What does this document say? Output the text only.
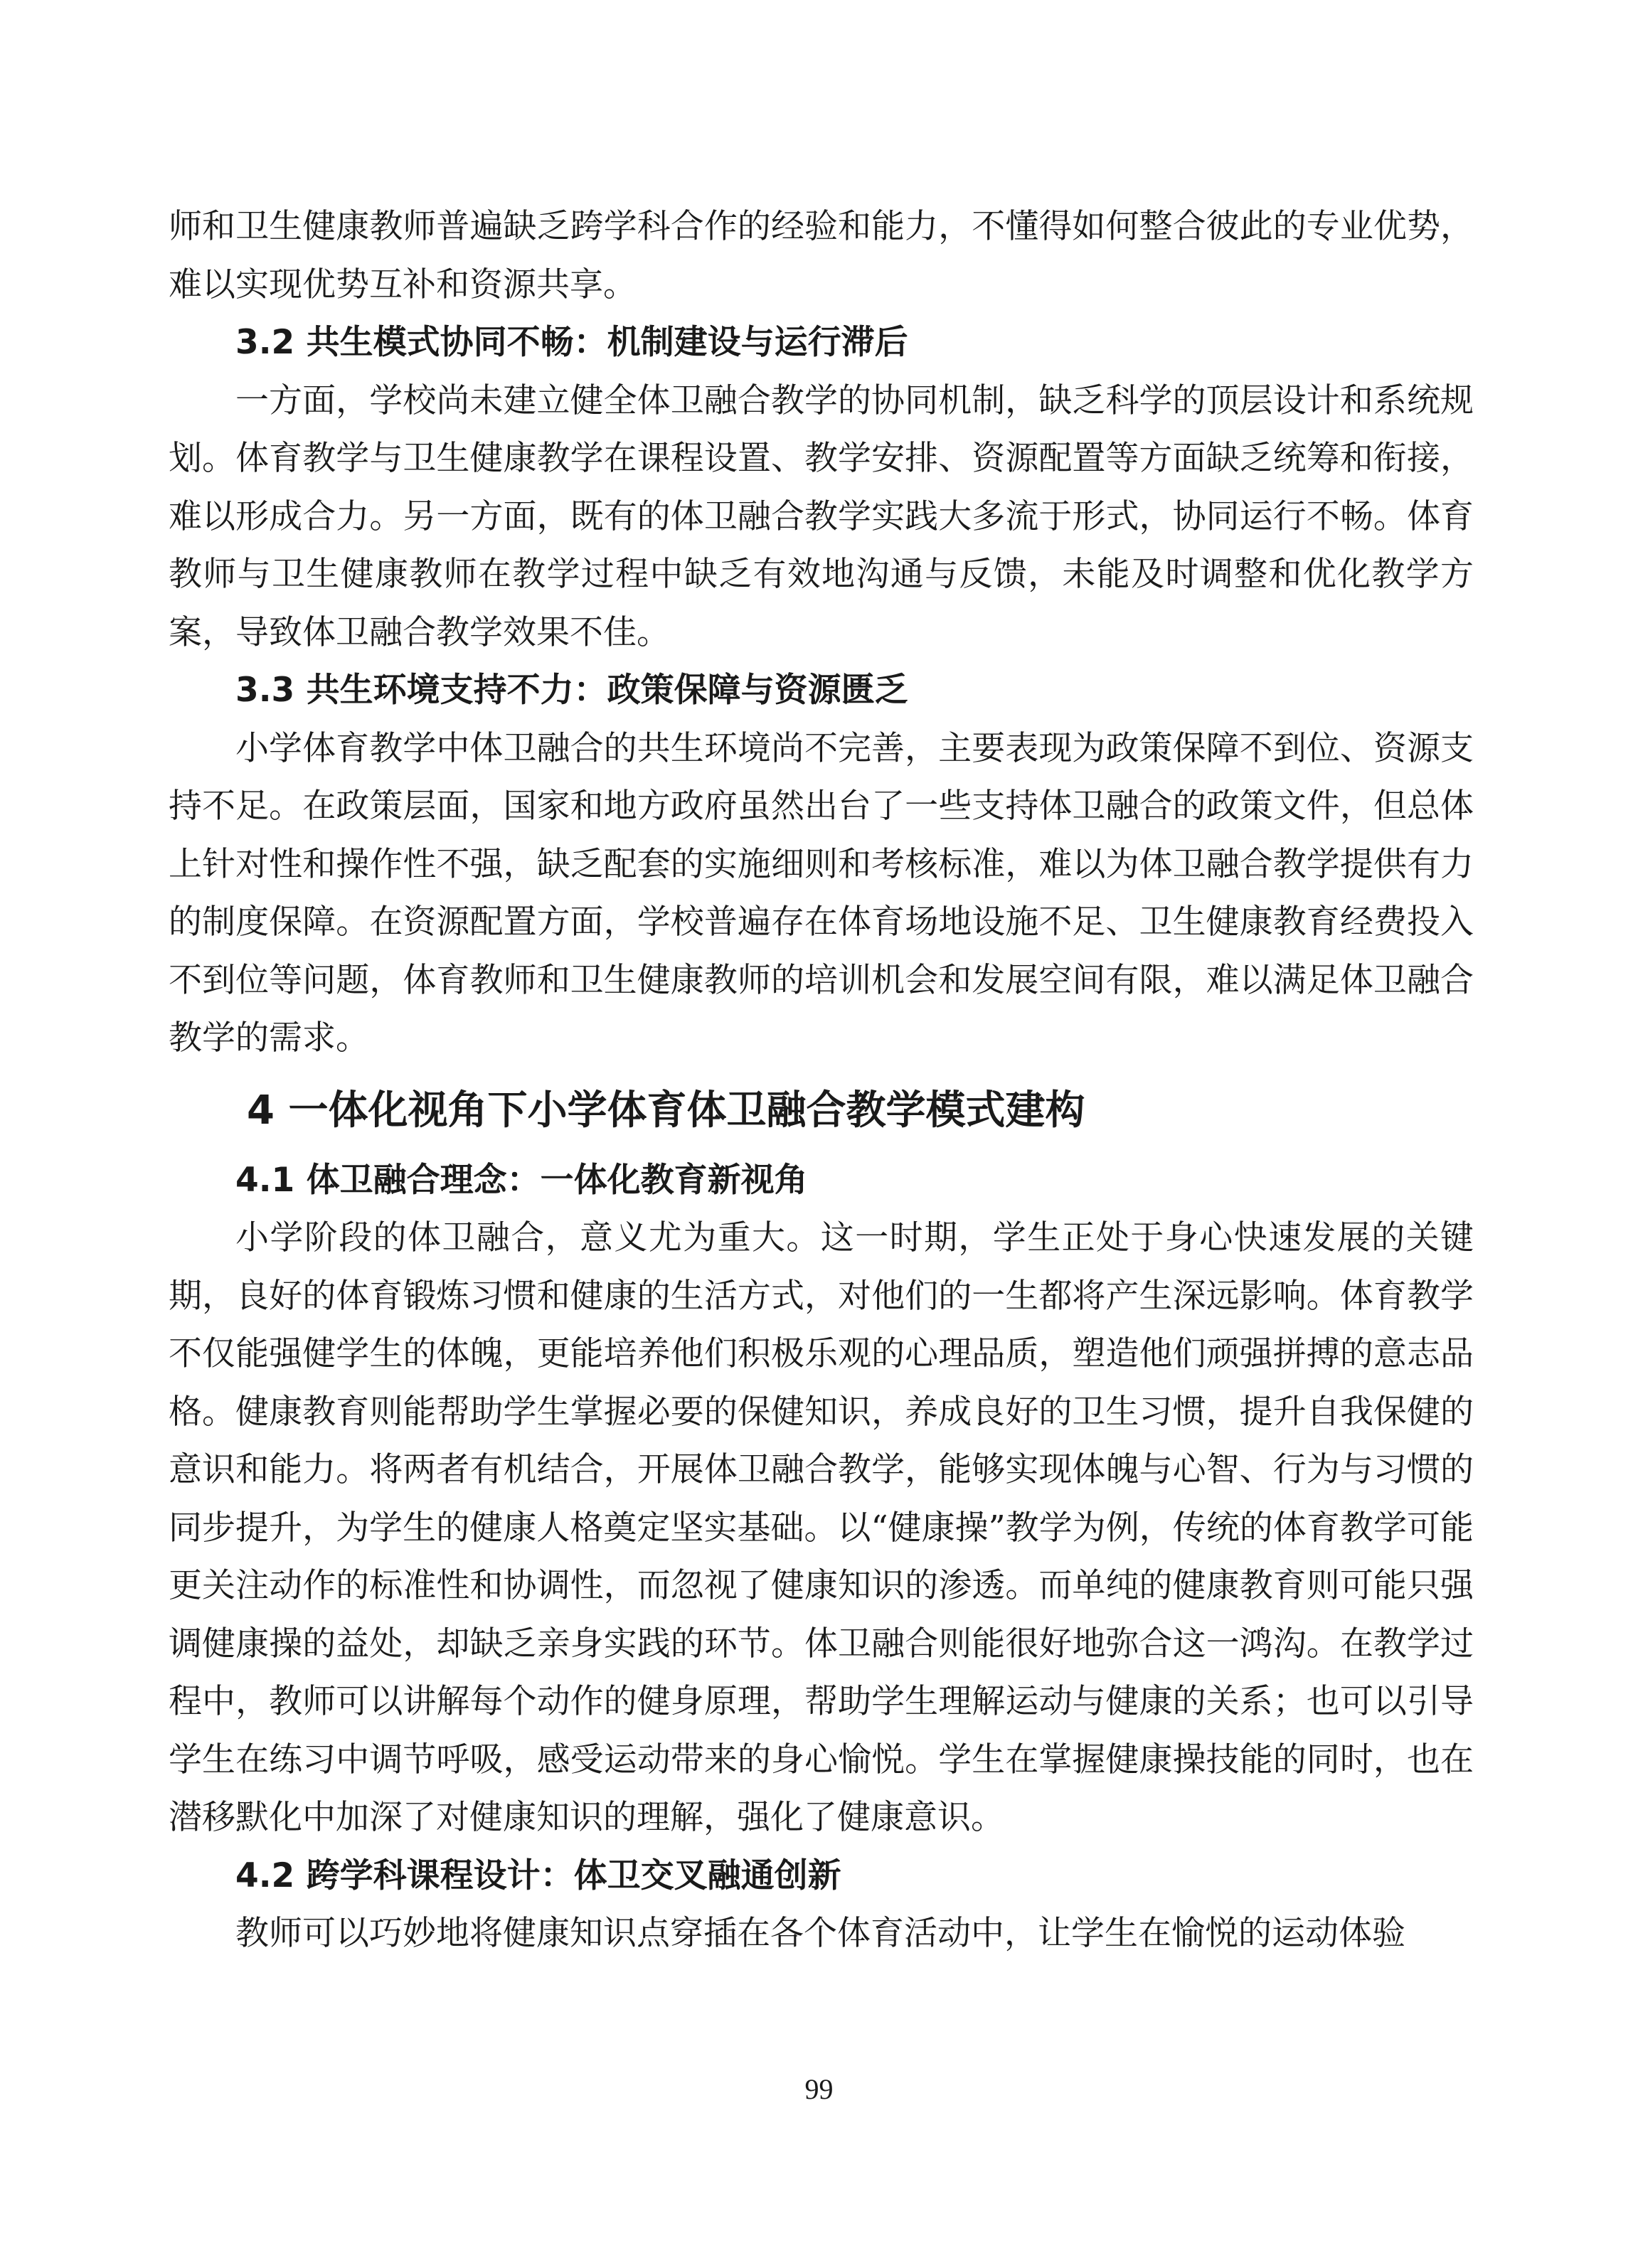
师和卫生健康教师普遍缺乏跨学科合作的经验和能力，不懂得如何整合彼此的专业优势，难以实现优势互补和资源共享。

3.2 共生模式协同不畅：机制建设与运行滞后

一方面，学校尚未建立健全体卫融合教学的协同机制，缺乏科学的顶层设计和系统规划。体育教学与卫生健康教学在课程设置、教学安排、资源配置等方面缺乏统筹和衔接，难以形成合力。另一方面，既有的体卫融合教学实践大多流于形式，协同运行不畅。体育教师与卫生健康教师在教学过程中缺乏有效地沟通与反馈，未能及时调整和优化教学方案，导致体卫融合教学效果不佳。

3.3 共生环境支持不力：政策保障与资源匮乏

小学体育教学中体卫融合的共生环境尚不完善，主要表现为政策保障不到位、资源支持不足。在政策层面，国家和地方政府虽然出台了一些支持体卫融合的政策文件，但总体上针对性和操作性不强，缺乏配套的实施细则和考核标准，难以为体卫融合教学提供有力的制度保障。在资源配置方面，学校普遍存在体育场地设施不足、卫生健康教育经费投入不到位等问题，体育教师和卫生健康教师的培训机会和发展空间有限，难以满足体卫融合教学的需求。

4 一体化视角下小学体育体卫融合教学模式建构
4.1 体卫融合理念：一体化教育新视角

小学阶段的体卫融合，意义尤为重大。这一时期，学生正处于身心快速发展的关键期，良好的体育锻炼习惯和健康的生活方式，对他们的一生都将产生深远影响。体育教学不仅能强健学生的体魄，更能培养他们积极乐观的心理品质，塑造他们顽强拼搏的意志品格。健康教育则能帮助学生掌握必要的保健知识，养成良好的卫生习惯，提升自我保健的意识和能力。将两者有机结合，开展体卫融合教学，能够实现体魄与心智、行为与习惯的同步提升，为学生的健康人格奠定坚实基础。以“健康操”教学为例，传统的体育教学可能更关注动作的标准性和协调性，而忽视了健康知识的渗透。而单纯的健康教育则可能只强调健康操的益处，却缺乏亲身实践的环节。体卫融合则能很好地弥合这一鸿沟。在教学过程中，教师可以讲解每个动作的健身原理，帮助学生理解运动与健康的关系；也可以引导学生在练习中调节呼吸，感受运动带来的身心愉悦。学生在掌握健康操技能的同时，也在潜移默化中加深了对健康知识的理解，强化了健康意识。

4.2 跨学科课程设计：体卫交叉融通创新

教师可以巧妙地将健康知识点穿插在各个体育活动中，让学生在愉悦的运动体验

99
